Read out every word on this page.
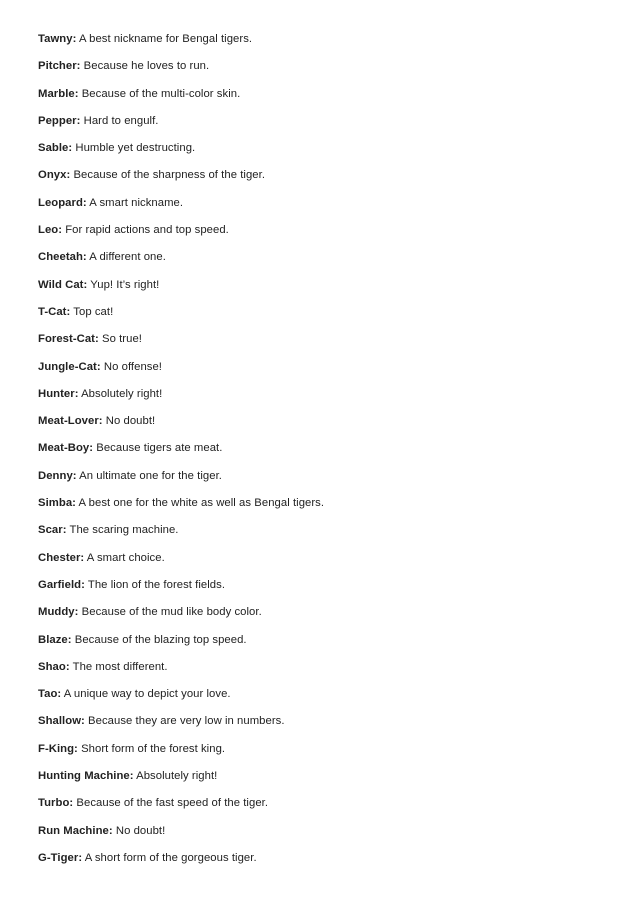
Tawny: A best nickname for Bengal tigers.
Pitcher: Because he loves to run.
Marble: Because of the multi-color skin.
Pepper: Hard to engulf.
Sable: Humble yet destructing.
Onyx: Because of the sharpness of the tiger.
Leopard: A smart nickname.
Leo: For rapid actions and top speed.
Cheetah: A different one.
Wild Cat: Yup! It’s right!
T-Cat: Top cat!
Forest-Cat: So true!
Jungle-Cat: No offense!
Hunter: Absolutely right!
Meat-Lover: No doubt!
Meat-Boy: Because tigers ate meat.
Denny: An ultimate one for the tiger.
Simba: A best one for the white as well as Bengal tigers.
Scar: The scaring machine.
Chester: A smart choice.
Garfield: The lion of the forest fields.
Muddy: Because of the mud like body color.
Blaze: Because of the blazing top speed.
Shao: The most different.
Tao: A unique way to depict your love.
Shallow: Because they are very low in numbers.
F-King: Short form of the forest king.
Hunting Machine: Absolutely right!
Turbo: Because of the fast speed of the tiger.
Run Machine: No doubt!
G-Tiger: A short form of the gorgeous tiger.
